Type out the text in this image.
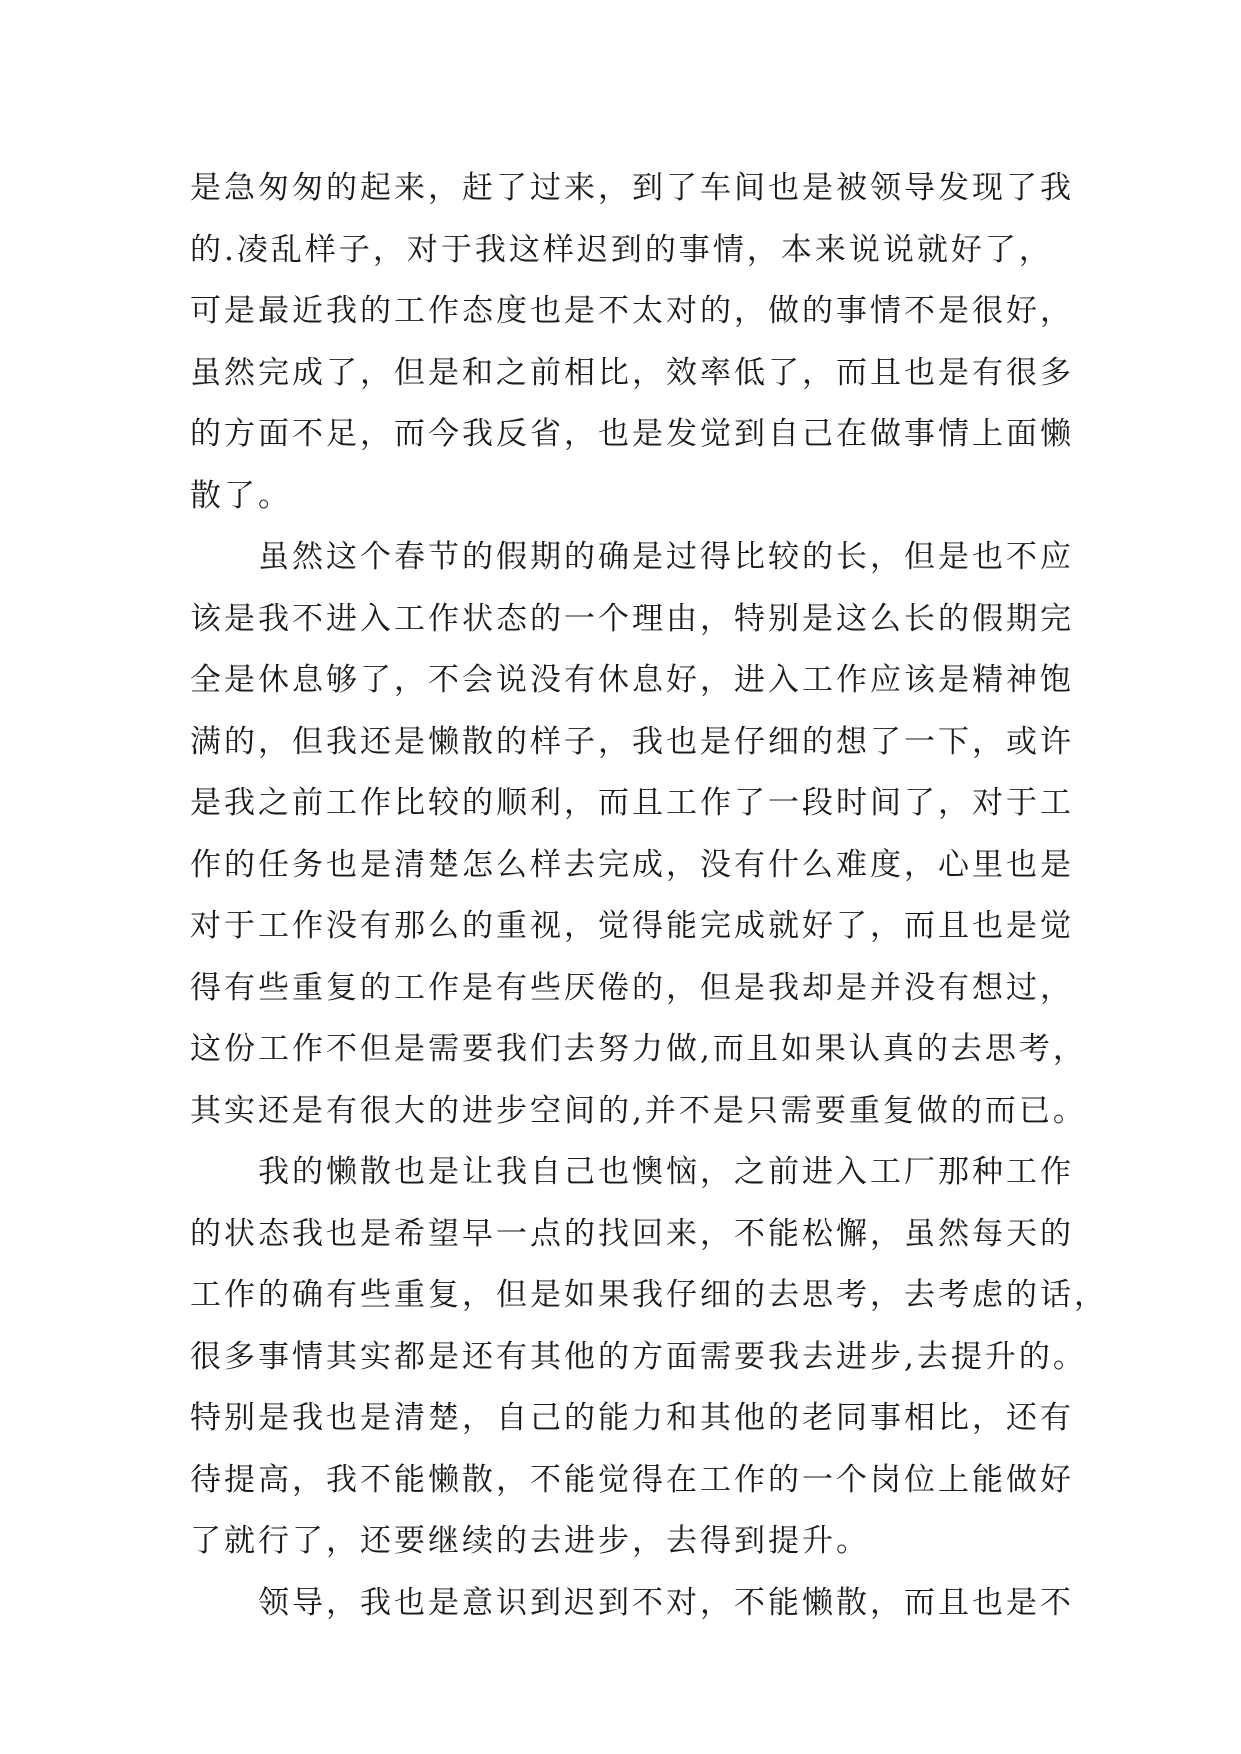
是急匆匆的起来，赶了过来，到了车间也是被领导发现了我
的.凌乱样子，对于我这样迟到的事情，本来说说就好了，
可是最近我的工作态度也是不太对的，做的事情不是很好，
虽然完成了，但是和之前相比，效率低了，而且也是有很多
的方面不足，而今我反省，也是发觉到自己在做事情上面懒
散了。
虽然这个春节的假期的确是过得比较的长，但是也不应
该是我不进入工作状态的一个理由，特别是这么长的假期完
全是休息够了，不会说没有休息好，进入工作应该是精神饱
满的，但我还是懒散的样子，我也是仔细的想了一下，或许
是我之前工作比较的顺利，而且工作了一段时间了，对于工
作的任务也是清楚怎么样去完成，没有什么难度，心里也是
对于工作没有那么的重视，觉得能完成就好了，而且也是觉
得有些重复的工作是有些厌倦的，但是我却是并没有想过，
这份工作不但是需要我们去努力做,而且如果认真的去思考，
其实还是有很大的进步空间的,并不是只需要重复做的而已。
我的懒散也是让我自己也懊恼，之前进入工厂那种工作
的状态我也是希望早一点的找回来，不能松懈，虽然每天的
工作的确有些重复，但是如果我仔细的去思考，去考虑的话，
很多事情其实都是还有其他的方面需要我去进步,去提升的。
特别是我也是清楚，自己的能力和其他的老同事相比，还有
待提高，我不能懒散，不能觉得在工作的一个岗位上能做好
了就行了，还要继续的去进步，去得到提升。
领导，我也是意识到迟到不对，不能懒散，而且也是不
